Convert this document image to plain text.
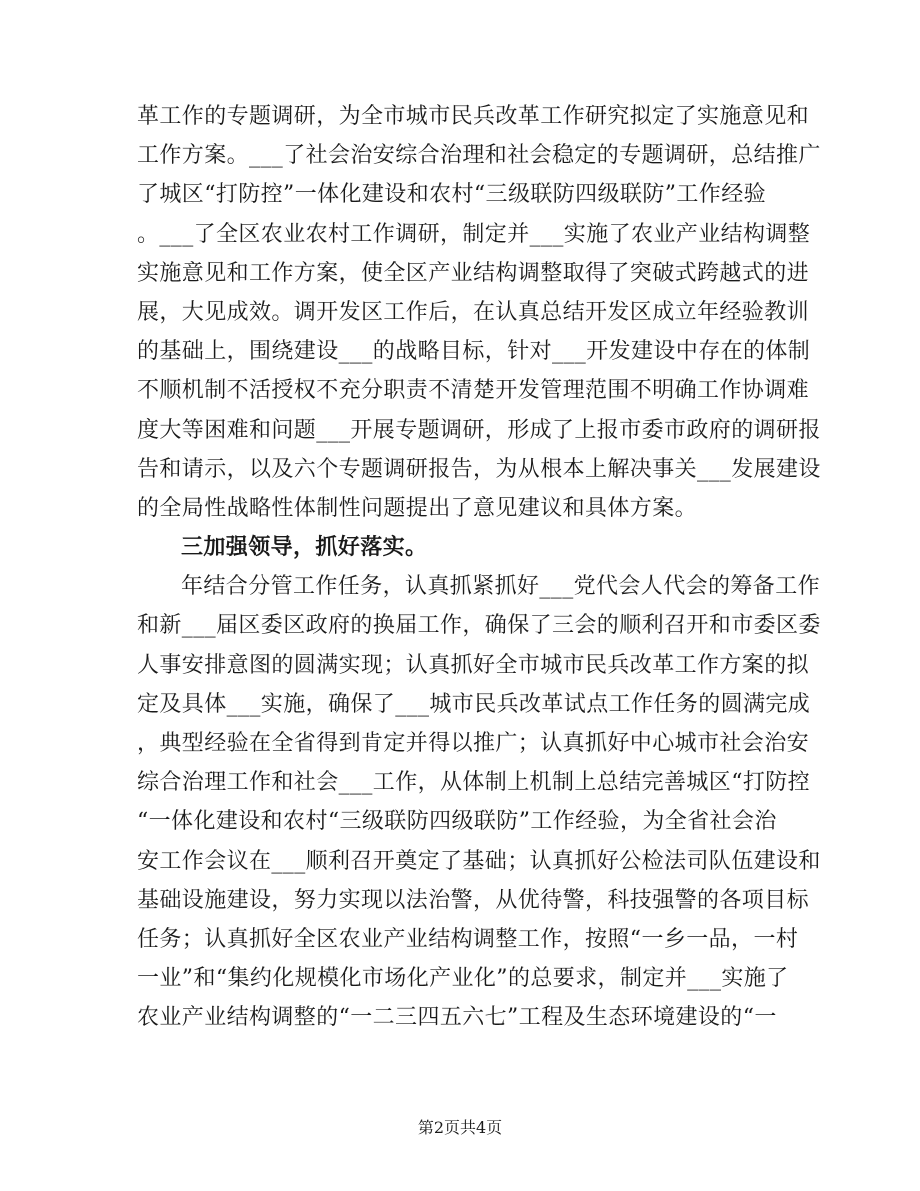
革工作的专题调研，为全市城市民兵改革工作研究拟定了实施意见和
工作方案。___了社会治安综合治理和社会稳定的专题调研，总结推广
了城区“打防控”一体化建设和农村“三级联防四级联防”工作经验
。___了全区农业农村工作调研，制定并___实施了农业产业结构调整
实施意见和工作方案，使全区产业结构调整取得了突破式跨越式的进
展，大见成效。调开发区工作后，在认真总结开发区成立年经验教训
的基础上，围绕建设___的战略目标，针对___开发建设中存在的体制
不顺机制不活授权不充分职责不清楚开发管理范围不明确工作协调难
度大等困难和问题___开展专题调研，形成了上报市委市政府的调研报
告和请示，以及六个专题调研报告，为从根本上解决事关___发展建设
的全局性战略性体制性问题提出了意见建议和具体方案。
三加强领导，抓好落实。
年结合分管工作任务，认真抓紧抓好___党代会人代会的筹备工作
和新___届区委区政府的换届工作，确保了三会的顺利召开和市委区委
人事安排意图的圆满实现；认真抓好全市城市民兵改革工作方案的拟
定及具体___实施，确保了___城市民兵改革试点工作任务的圆满完成
，典型经验在全省得到肯定并得以推广；认真抓好中心城市社会治安
综合治理工作和社会___工作，从体制上机制上总结完善城区“打防控
“一体化建设和农村“三级联防四级联防”工作经验，为全省社会治
安工作会议在___顺利召开奠定了基础；认真抓好公检法司队伍建设和
基础设施建设，努力实现以法治警，从优待警，科技强警的各项目标
任务；认真抓好全区农业产业结构调整工作，按照“一乡一品，一村
一业”和“集约化规模化市场化产业化”的总要求，制定并___实施了
农业产业结构调整的“一二三四五六七”工程及生态环境建设的“一
第2页共4页
